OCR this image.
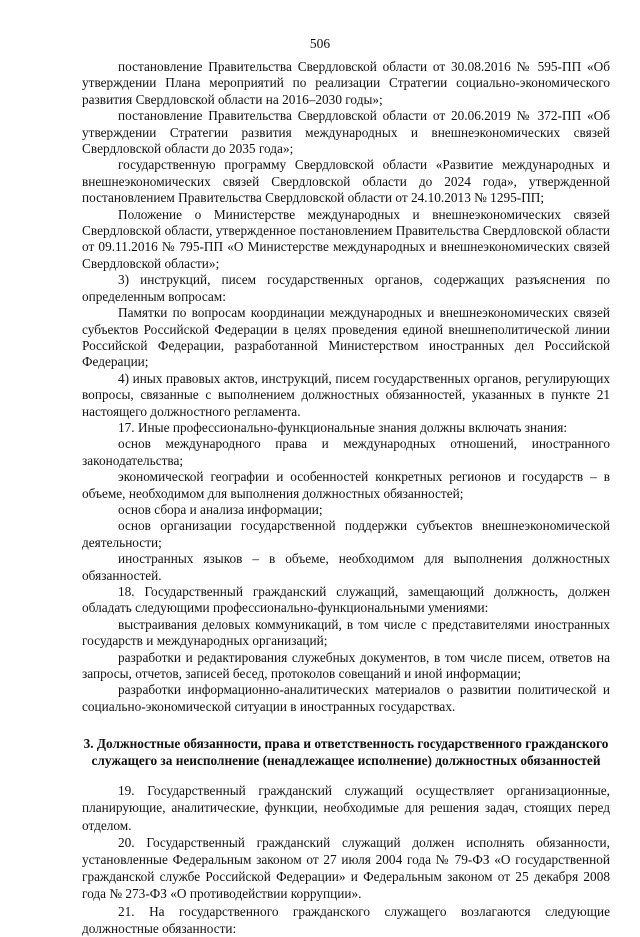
506

постановление Правительства Свердловской области от 30.08.2016 № 595-ПП «Об утверждении Плана мероприятий по реализации Стратегии социально-экономического развития Свердловской области на 2016–2030 годы»;

постановление Правительства Свердловской области от 20.06.2019 № 372-ПП «Об утверждении Стратегии развития международных и внешнеэкономических связей Свердловской области до 2035 года»;

государственную программу Свердловской области «Развитие международных и внешнеэкономических связей Свердловской области до 2024 года», утвержденной постановлением Правительства Свердловской области от 24.10.2013 № 1295-ПП;

Положение о Министерстве международных и внешнеэкономических связей Свердловской области, утвержденное постановлением Правительства Свердловской области от 09.11.2016 № 795-ПП «О Министерстве международных и внешнеэкономических связей Свердловской области»;

3) инструкций, писем государственных органов, содержащих разъяснения по определенным вопросам:

Памятки по вопросам координации международных и внешнеэкономических связей субъектов Российской Федерации в целях проведения единой внешнеполитической линии Российской Федерации, разработанной Министерством иностранных дел Российской Федерации;

4) иных правовых актов, инструкций, писем государственных органов, регулирующих вопросы, связанные с выполнением должностных обязанностей, указанных в пункте 21 настоящего должностного регламента.

17. Иные профессионально-функциональные знания должны включать знания:

основ международного права и международных отношений, иностранного законодательства;

экономической географии и особенностей конкретных регионов и государств – в объеме, необходимом для выполнения должностных обязанностей;

основ сбора и анализа информации;

основ организации государственной поддержки субъектов внешнеэкономической деятельности;

иностранных языков – в объеме, необходимом для выполнения должностных обязанностей.

18. Государственный гражданский служащий, замещающий должность, должен обладать следующими профессионально-функциональными умениями:

выстраивания деловых коммуникаций, в том числе с представителями иностранных государств и международных организаций;

разработки и редактирования служебных документов, в том числе писем, ответов на запросы, отчетов, записей бесед, протоколов совещаний и иной информации;

разработки информационно-аналитических материалов о развитии политической и социально-экономической ситуации в иностранных государствах.

3. Должностные обязанности, права и ответственность государственного гражданского служащего за неисполнение (ненадлежащее исполнение) должностных обязанностей

19. Государственный гражданский служащий осуществляет организационные, планирующие, аналитические, функции, необходимые для решения задач, стоящих перед отделом.

20. Государственный гражданский служащий должен исполнять обязанности, установленные Федеральным законом от 27 июля 2004 года № 79-ФЗ «О государственной гражданской службе Российской Федерации» и Федеральным законом от 25 декабря 2008 года № 273-ФЗ «О противодействии коррупции».

21. На государственного гражданского служащего возлагаются следующие должностные обязанности:
